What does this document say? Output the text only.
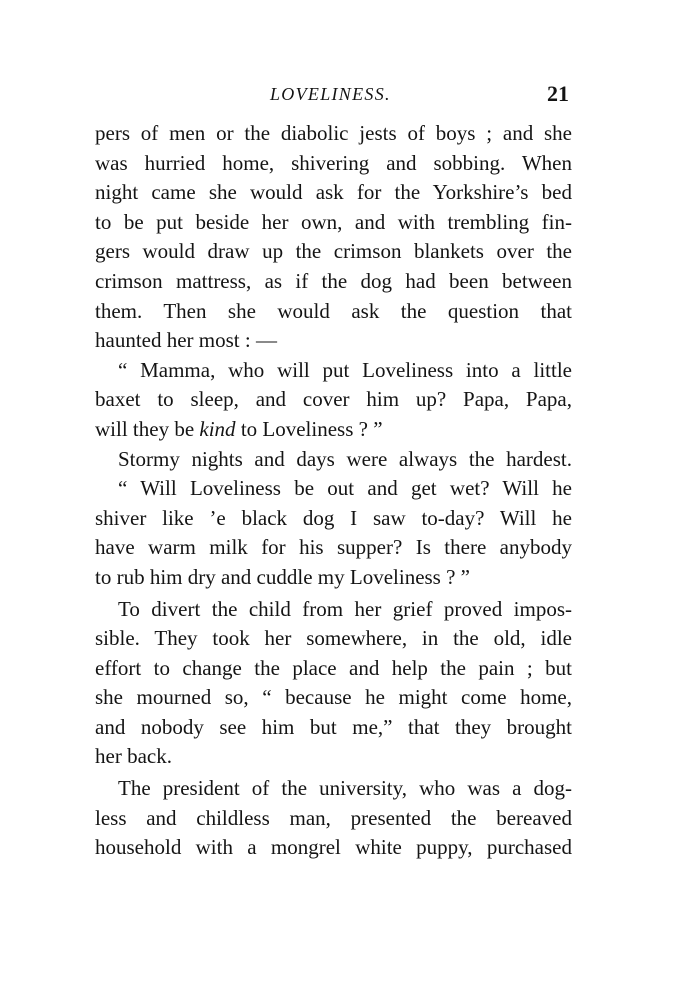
LOVELINESS.	21
pers of men or the diabolic jests of boys ; and she
was hurried home, shivering and sobbing. When
night came she would ask for the Yorkshire’s bed
to be put beside her own, and with trembling fin-
gers would draw up the crimson blankets over the
crimson mattress, as if the dog had been between
them. Then she would ask the question that
haunted her most : —
“ Mamma, who will put Loveliness into a little
baxet to sleep, and cover him up? Papa, Papa,
will they be kind to Loveliness ? ”
Stormy nights and days were always the hardest.
“ Will Loveliness be out and get wet? Will he
shiver like ’e black dog I saw to-day? Will he
have warm milk for his supper? Is there anybody
to rub him dry and cuddle my Loveliness ? ”
To divert the child from her grief proved impos-
sible. They took her somewhere, in the old, idle
effort to change the place and help the pain ; but
she mourned so, “ because he might come home,
and nobody see him but me,” that they brought
her back.
The president of the university, who was a dog-
less and childless man, presented the bereaved
household with a mongrel white puppy, purchased
